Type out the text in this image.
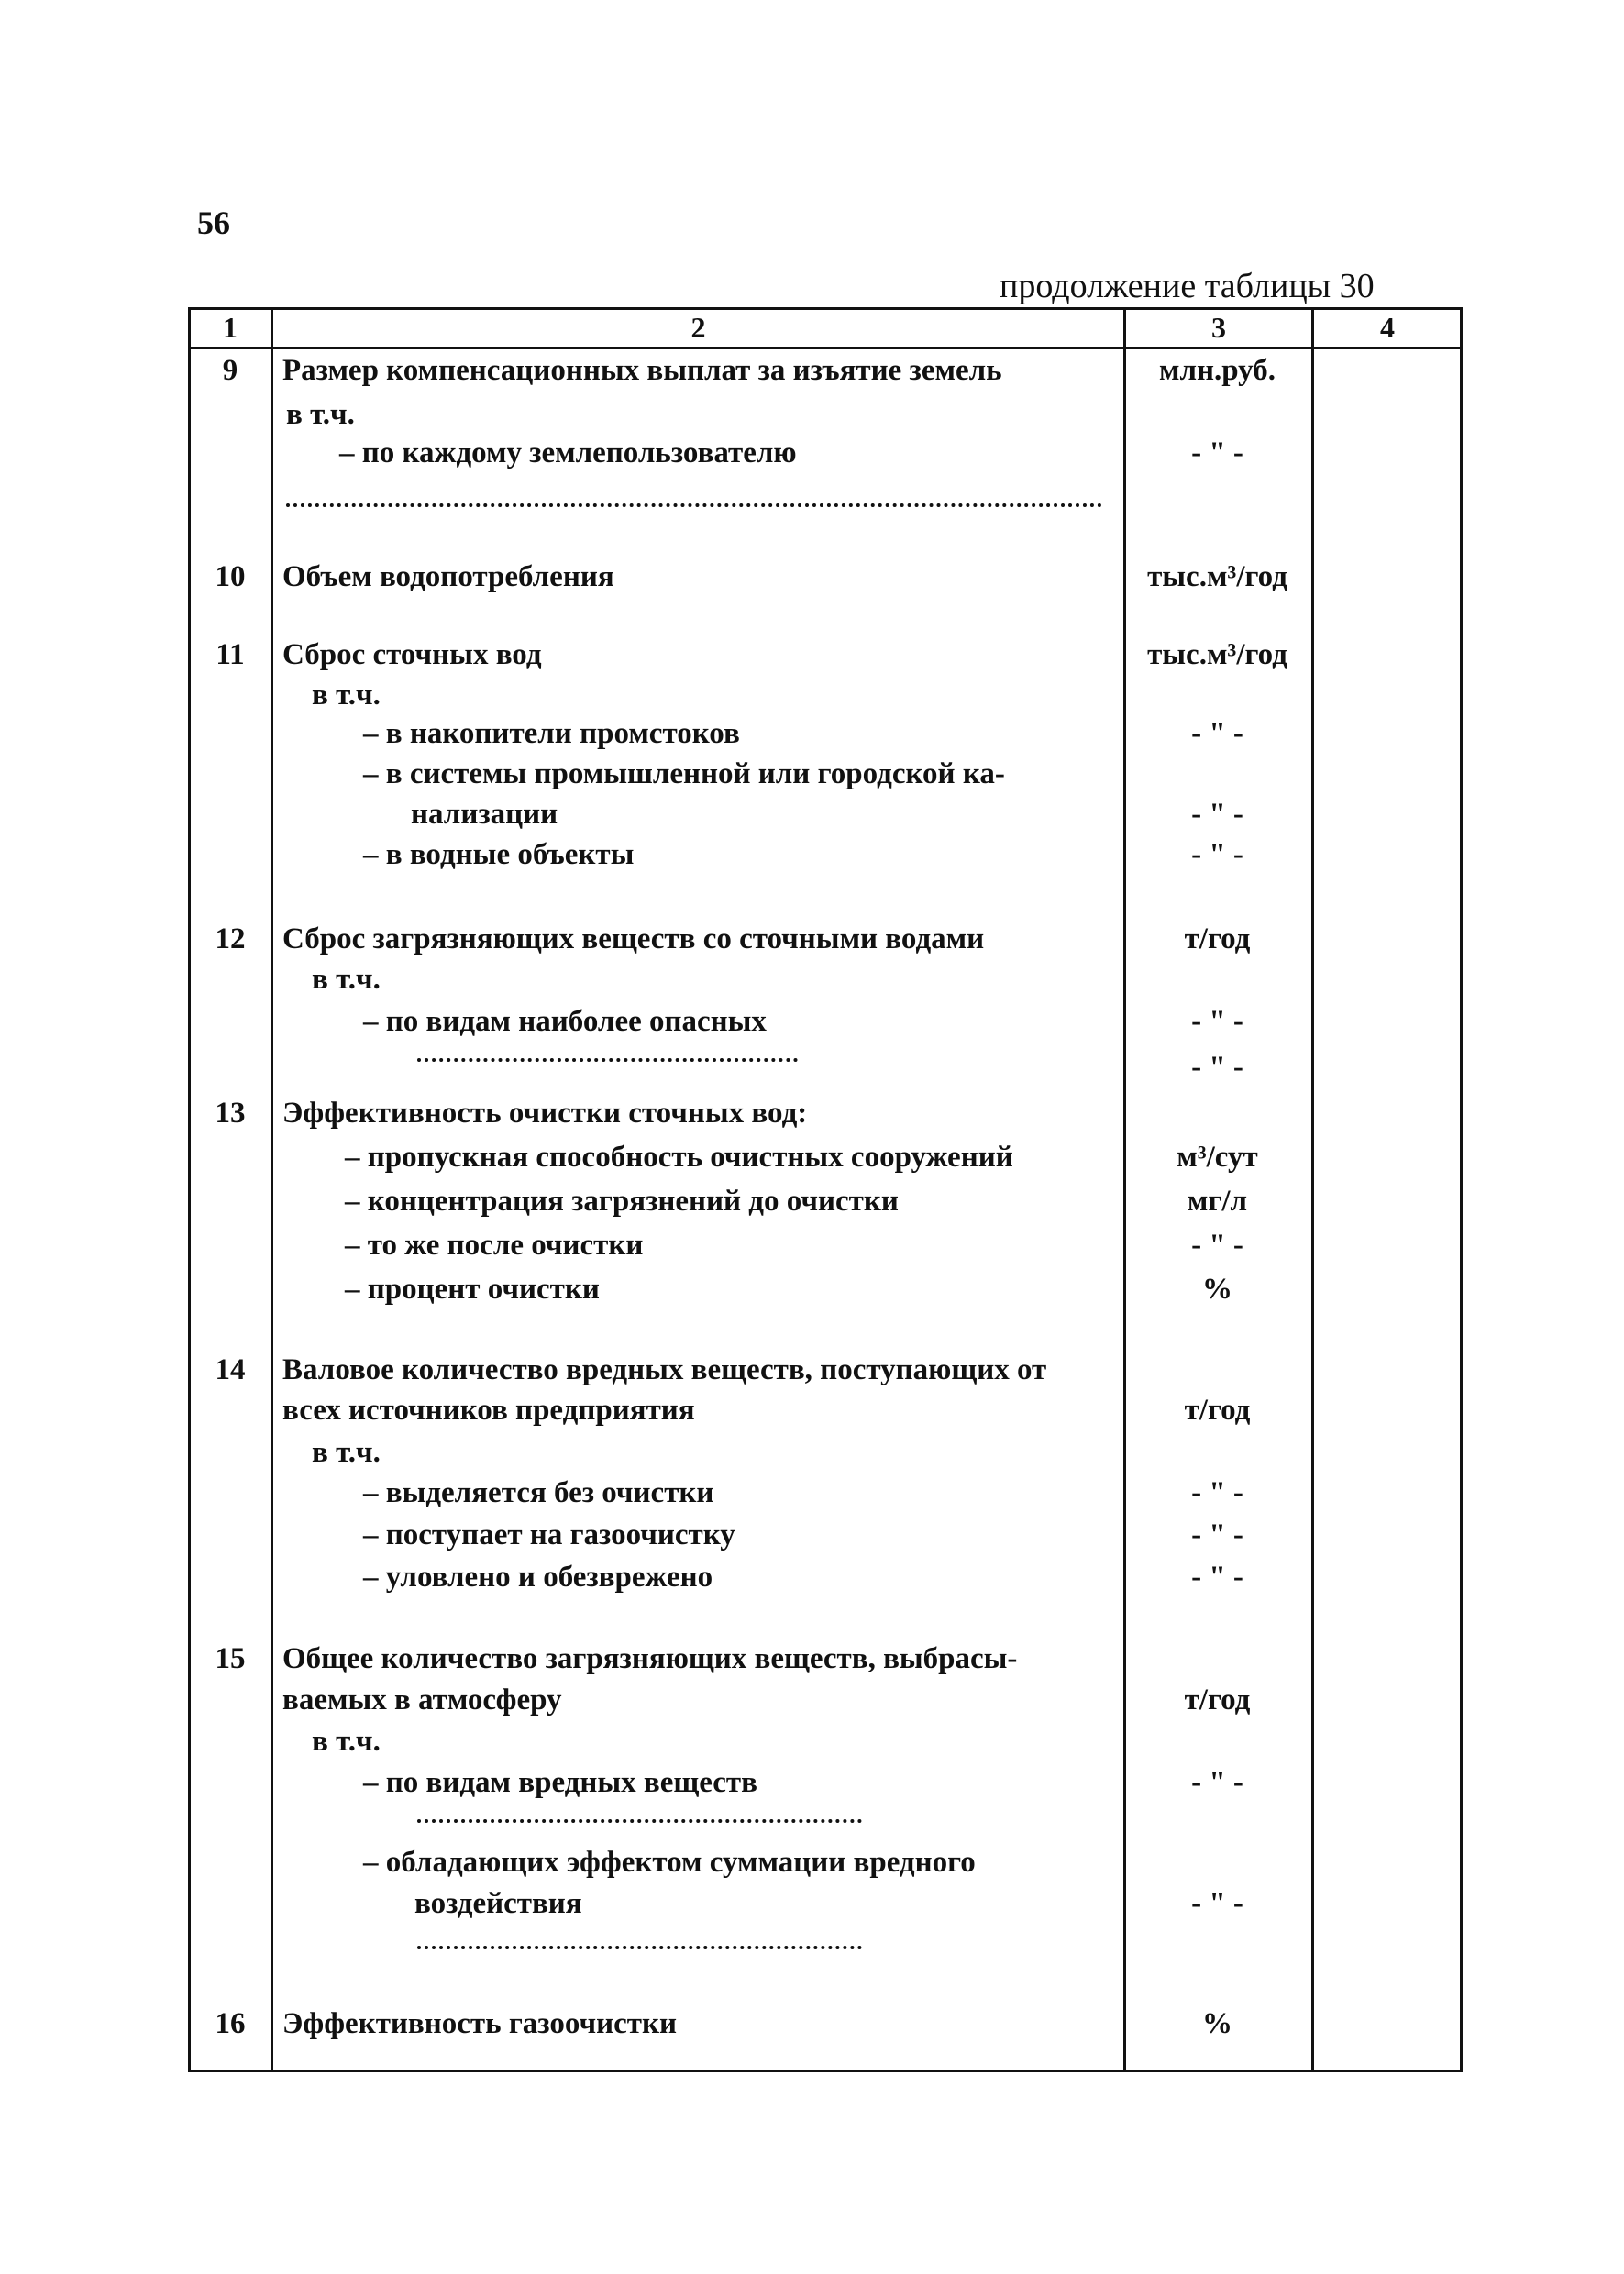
56
продолжение таблицы 30
1	2	3	4
9	Размер компенсационных выплат за изъятие земель	млн.руб.
в т.ч.
– по каждому землепользователю	- " -
10	Объем водопотребления	тыс.м³/год
11	Сброс сточных вод	тыс.м³/год
в т.ч.
– в накопители промстоков	- " -
– в системы промышленной или городской ка-
нализации	- " -
– в водные объекты	- " -
12	Сброс загрязняющих веществ со сточными водами	т/год
в т.ч.
– по видам наиболее опасных	- " -
- " -
13	Эффективность очистки сточных вод:
– пропускная способность очистных сооружений	м³/сут
– концентрация загрязнений до очистки	мг/л
– то же после очистки	- " -
– процент очистки	%
14	Валовое количество вредных веществ, поступающих от
всех источников предприятия	т/год
в т.ч.
– выделяется без очистки	- " -
– поступает на газоочистку	- " -
– уловлено и обезврежено	- " -
15	Общее количество загрязняющих веществ, выбрасы-
ваемых в атмосферу	т/год
в т.ч.
– по видам вредных веществ	- " -
– обладающих эффектом суммации вредного
воздействия	- " -
16	Эффективность газоочистки	%
